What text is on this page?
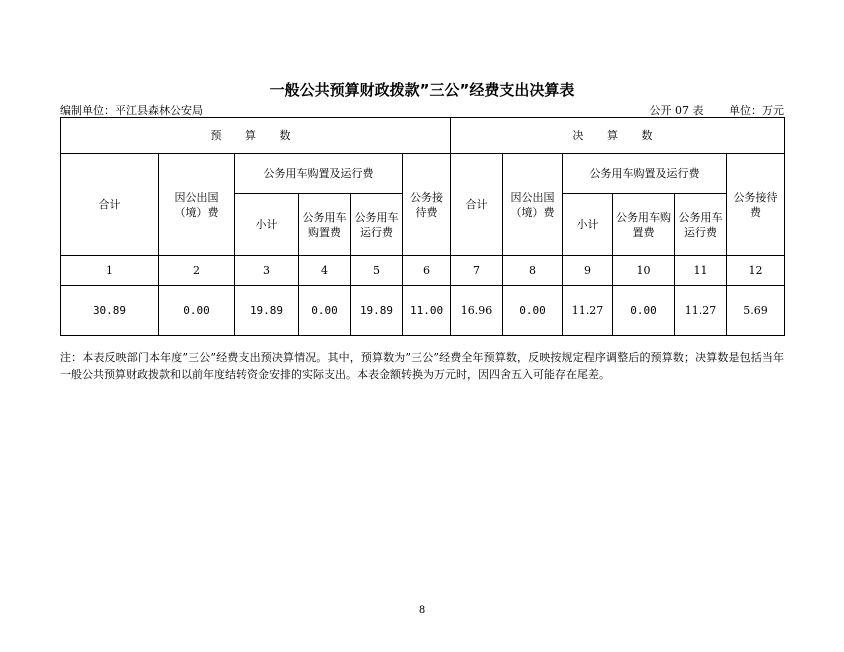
一般公共预算财政拨款”三公”经费支出决算表
编制单位：平江县森林公安局	公开 07 表 单位：万元
预 算 数						决 算 数					
合计	因公出国（境）费	公务用车购置及运行费			公务接待费	合计	因公出国（境）费	公务用车购置及运行费			公务接待费
		小计	公务用车购置费	公务用车运行费				小计	公务用车购置费	公务用车运行费	
1	2	3	4	5	6	7	8	9	10	11	12
30.89	0.00	19.89	0.00	19.89	11.00	16.96	0.00	11.27	0.00	11.27	5.69
注：本表反映部门本年度”三公”经费支出预决算情况。其中，预算数为”三公”经费全年预算数，反映按规定程序调整后的预算数；决算数是包括当年一般公共预算财政拨款和以前年度结转资金安排的实际支出。本表金额转换为万元时，因四舍五入可能存在尾差。
8
